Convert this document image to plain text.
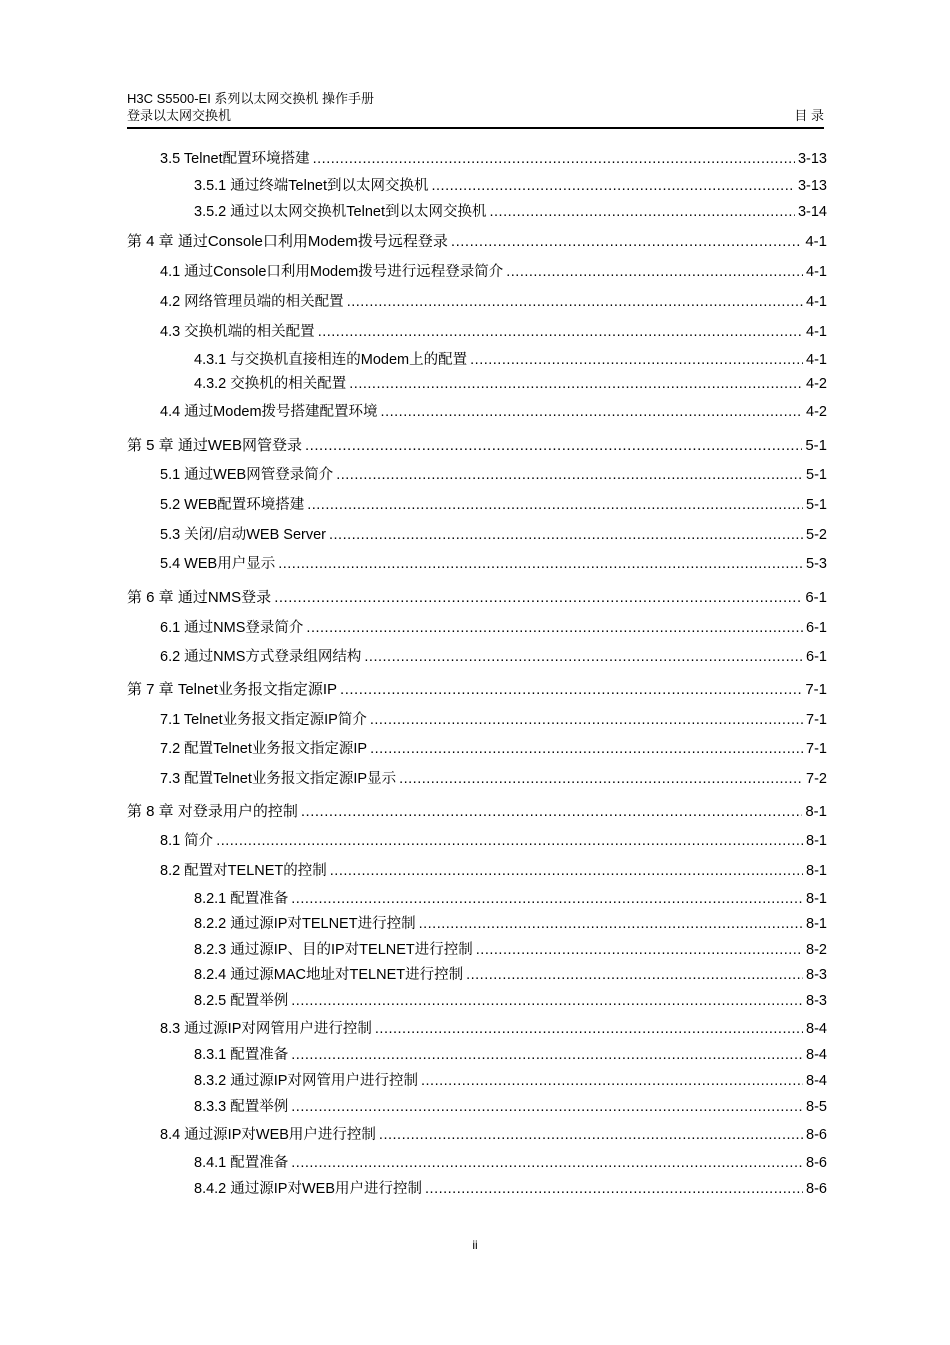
H3C S5500-EI 系列以太网交换机 操作手册
登录以太网交换机	目 录
3.5 Telnet配置环境搭建 .....	3-13
3.5.1 通过终端Telnet到以太网交换机 .....	3-13
3.5.2 通过以太网交换机Telnet到以太网交换机 .....	3-14
第 4 章 通过Console口利用Modem拨号远程登录 .....	4-1
4.1 通过Console口利用Modem拨号进行远程登录简介 .....	4-1
4.2 网络管理员端的相关配置 .....	4-1
4.3 交换机端的相关配置 .....	4-1
4.3.1 与交换机直接相连的Modem上的配置 .....	4-1
4.3.2 交换机的相关配置 .....	4-2
4.4 通过Modem拨号搭建配置环境 .....	4-2
第 5 章 通过WEB网管登录 .....	5-1
5.1 通过WEB网管登录简介 .....	5-1
5.2 WEB配置环境搭建 .....	5-1
5.3 关闭/启动WEB Server .....	5-2
5.4 WEB用户显示 .....	5-3
第 6 章 通过NMS登录 .....	6-1
6.1 通过NMS登录简介 .....	6-1
6.2 通过NMS方式登录组网结构 .....	6-1
第 7 章 Telnet业务报文指定源IP .....	7-1
7.1 Telnet业务报文指定源IP简介 .....	7-1
7.2 配置Telnet业务报文指定源IP .....	7-1
7.3 配置Telnet业务报文指定源IP显示 .....	7-2
第 8 章 对登录用户的控制 .....	8-1
8.1 简介 .....	8-1
8.2 配置对TELNET的控制 .....	8-1
8.2.1 配置准备 .....	8-1
8.2.2 通过源IP对TELNET进行控制 .....	8-1
8.2.3 通过源IP、目的IP对TELNET进行控制 .....	8-2
8.2.4 通过源MAC地址对TELNET进行控制 .....	8-3
8.2.5 配置举例 .....	8-3
8.3 通过源IP对网管用户进行控制 .....	8-4
8.3.1 配置准备 .....	8-4
8.3.2 通过源IP对网管用户进行控制 .....	8-4
8.3.3 配置举例 .....	8-5
8.4 通过源IP对WEB用户进行控制 .....	8-6
8.4.1 配置准备 .....	8-6
8.4.2 通过源IP对WEB用户进行控制 .....	8-6
ii
